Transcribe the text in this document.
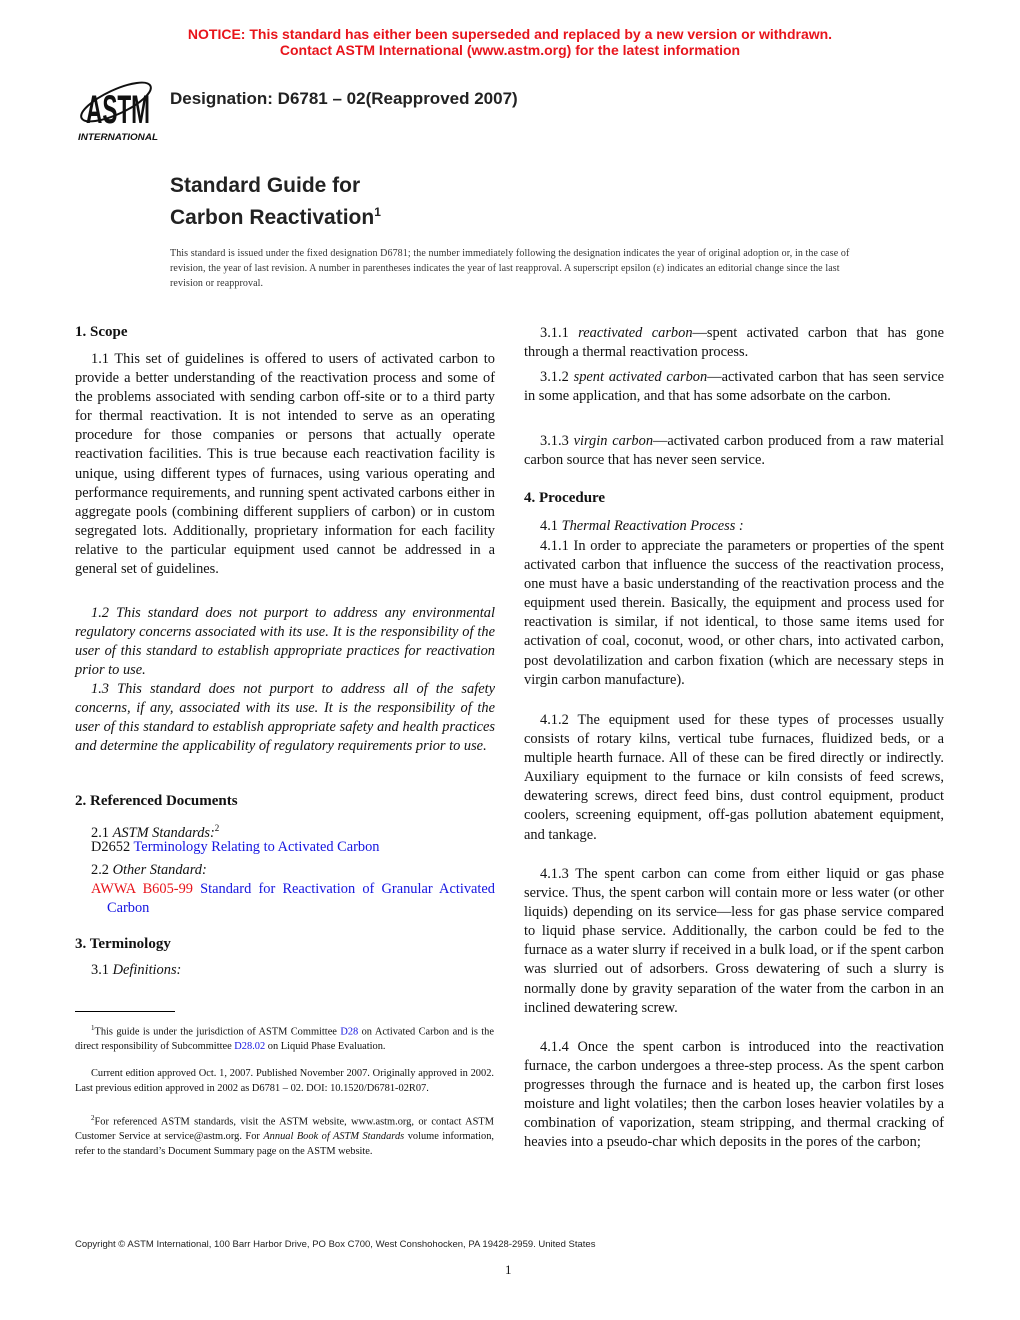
NOTICE: This standard has either been superseded and replaced by a new version or withdrawn.
Contact ASTM International (www.astm.org) for the latest information
ASTM
INTERNATIONAL
Designation: D6781 – 02(Reapproved 2007)
Standard Guide for
Carbon Reactivation$^1$
This standard is issued under the fixed designation D6781; the number immediately following the designation indicates the year of original adoption or, in the case of revision, the year of last revision. A number in parentheses indicates the year of last reapproval. A superscript epsilon (ε) indicates an editorial change since the last revision or reapproval.
1. Scope
1.1 This set of guidelines is offered to users of activated carbon to provide a better understanding of the reactivation process and some of the problems associated with sending carbon off-site or to a third party for thermal reactivation. It is not intended to serve as an operating procedure for those companies or persons that actually operate reactivation facilities. This is true because each reactivation facility is unique, using different types of furnaces, using various operating and performance requirements, and running spent activated carbons either in aggregate pools (combining different suppliers of carbon) or in custom segregated lots. Additionally, proprietary information for each facility relative to the particular equipment used cannot be addressed in a general set of guidelines.
1.2 This standard does not purport to address any environmental regulatory concerns associated with its use. It is the responsibility of the user of this standard to establish appropriate practices for reactivation prior to use.
1.3 This standard does not purport to address all of the safety concerns, if any, associated with its use. It is the responsibility of the user of this standard to establish appropriate safety and health practices and determine the applicability of regulatory requirements prior to use.
2. Referenced Documents
2.1 ASTM Standards:$^2$
D2652 Terminology Relating to Activated Carbon
2.2 Other Standard:
AWWA B605-99 Standard for Reactivation of Granular Activated Carbon
3. Terminology
3.1 Definitions:
3.1.1 reactivated carbon—spent activated carbon that has gone through a thermal reactivation process.
3.1.2 spent activated carbon—activated carbon that has seen service in some application, and that has some adsorbate on the carbon.
3.1.3 virgin carbon—activated carbon produced from a raw material carbon source that has never seen service.
4. Procedure
4.1 Thermal Reactivation Process :
4.1.1 In order to appreciate the parameters or properties of the spent activated carbon that influence the success of the reactivation process, one must have a basic understanding of the reactivation process and the equipment used therein. Basically, the equipment and process used for reactivation is similar, if not identical, to those same items used for activation of coal, coconut, wood, or other chars, into activated carbon, post devolatilization and carbon fixation (which are necessary steps in virgin carbon manufacture).
4.1.2 The equipment used for these types of processes usually consists of rotary kilns, vertical tube furnaces, fluidized beds, or a multiple hearth furnace. All of these can be fired directly or indirectly. Auxiliary equipment to the furnace or kiln consists of feed screws, dewatering screws, direct feed bins, dust control equipment, product coolers, screening equipment, off-gas pollution abatement equipment, and tankage.
4.1.3 The spent carbon can come from either liquid or gas phase service. Thus, the spent carbon will contain more or less water (or other liquids) depending on its service—less for gas phase service compared to liquid phase service. Additionally, the carbon could be fed to the furnace as a water slurry if received in a bulk load, or if the spent carbon was slurried out of adsorbers. Gross dewatering of such a slurry is normally done by gravity separation of the water from the carbon in an inclined dewatering screw.
4.1.4 Once the spent carbon is introduced into the reactivation furnace, the carbon undergoes a three-step process. As the spent carbon progresses through the furnace and is heated up, the carbon first loses moisture and light volatiles; then the carbon loses heavier volatiles by a combination of vaporization, steam stripping, and thermal cracking of heavies into a pseudo-char which deposits in the pores of the carbon;
$^1$This guide is under the jurisdiction of ASTM Committee D28 on Activated Carbon and is the direct responsibility of Subcommittee D28.02 on Liquid Phase Evaluation.
Current edition approved Oct. 1, 2007. Published November 2007. Originally approved in 2002. Last previous edition approved in 2002 as D6781 – 02. DOI: 10.1520/D6781-02R07.
$^2$For referenced ASTM standards, visit the ASTM website, www.astm.org, or contact ASTM Customer Service at service@astm.org. For Annual Book of ASTM Standards volume information, refer to the standard’s Document Summary page on the ASTM website.
Copyright © ASTM International, 100 Barr Harbor Drive, PO Box C700, West Conshohocken, PA 19428-2959. United States
1
